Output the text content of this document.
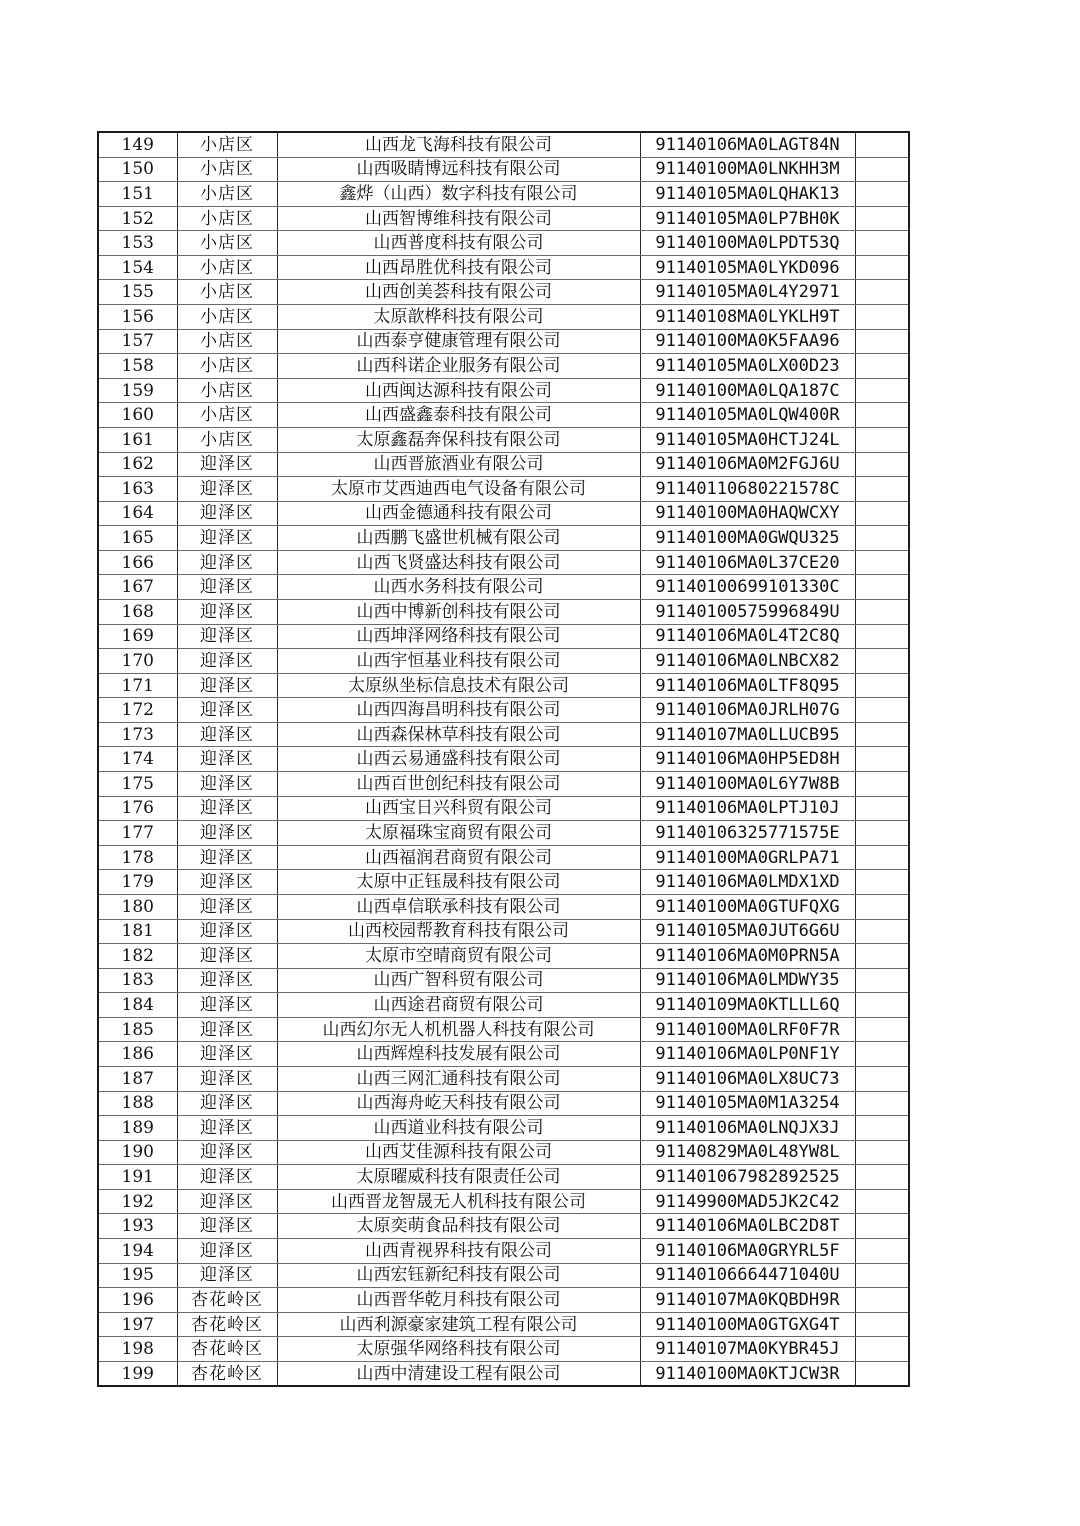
149	小店区	山西龙飞海科技有限公司	91140106MA0LAGT84N	
150	小店区	山西吸睛博远科技有限公司	91140100MA0LNKHH3M	
151	小店区	鑫烨（山西）数字科技有限公司	91140105MA0LQHAK13	
152	小店区	山西智博维科技有限公司	91140105MA0LP7BH0K	
153	小店区	山西普度科技有限公司	91140100MA0LPDT53Q	
154	小店区	山西昂胜优科技有限公司	91140105MA0LYKD096	
155	小店区	山西创美荟科技有限公司	91140105MA0L4Y2971	
156	小店区	太原歆桦科技有限公司	91140108MA0LYKLH9T	
157	小店区	山西泰亨健康管理有限公司	91140100MA0K5FAA96	
158	小店区	山西科诺企业服务有限公司	91140105MA0LX00D23	
159	小店区	山西闽达源科技有限公司	91140100MA0LQA187C	
160	小店区	山西盛鑫泰科技有限公司	91140105MA0LQW400R	
161	小店区	太原鑫磊奔保科技有限公司	91140105MA0HCTJ24L	
162	迎泽区	山西晋旅酒业有限公司	91140106MA0M2FGJ6U	
163	迎泽区	太原市艾西迪西电气设备有限公司	91140110680221578C	
164	迎泽区	山西金德通科技有限公司	91140100MA0HAQWCXY	
165	迎泽区	山西鹏飞盛世机械有限公司	91140100MA0GWQU325	
166	迎泽区	山西飞贤盛达科技有限公司	91140106MA0L37CE20	
167	迎泽区	山西水务科技有限公司	91140100699101330C	
168	迎泽区	山西中博新创科技有限公司	91140100575996849U	
169	迎泽区	山西坤泽网络科技有限公司	91140106MA0L4T2C8Q	
170	迎泽区	山西宇恒基业科技有限公司	91140106MA0LNBCX82	
171	迎泽区	太原纵坐标信息技术有限公司	91140106MA0LTF8Q95	
172	迎泽区	山西四海昌明科技有限公司	91140106MA0JRLH07G	
173	迎泽区	山西森保林草科技有限公司	91140107MA0LLUCB95	
174	迎泽区	山西云易通盛科技有限公司	91140106MA0HP5ED8H	
175	迎泽区	山西百世创纪科技有限公司	91140100MA0L6Y7W8B	
176	迎泽区	山西宝日兴科贸有限公司	91140106MA0LPTJ10J	
177	迎泽区	太原福珠宝商贸有限公司	91140106325771575E	
178	迎泽区	山西福润君商贸有限公司	91140100MA0GRLPA71	
179	迎泽区	太原中正钰晟科技有限公司	91140106MA0LMDX1XD	
180	迎泽区	山西卓信联承科技有限公司	91140100MA0GTUFQXG	
181	迎泽区	山西校园帮教育科技有限公司	91140105MA0JUT6G6U	
182	迎泽区	太原市空晴商贸有限公司	91140106MA0M0PRN5A	
183	迎泽区	山西广智科贸有限公司	91140106MA0LMDWY35	
184	迎泽区	山西途君商贸有限公司	91140109MA0KTLLL6Q	
185	迎泽区	山西幻尔无人机机器人科技有限公司	91140100MA0LRF0F7R	
186	迎泽区	山西辉煌科技发展有限公司	91140106MA0LP0NF1Y	
187	迎泽区	山西三网汇通科技有限公司	91140106MA0LX8UC73	
188	迎泽区	山西海舟屹天科技有限公司	91140105MA0M1A3254	
189	迎泽区	山西道业科技有限公司	91140106MA0LNQJX3J	
190	迎泽区	山西艾佳源科技有限公司	91140829MA0L48YW8L	
191	迎泽区	太原曜威科技有限责任公司	911401067982892525	
192	迎泽区	山西晋龙智晟无人机科技有限公司	91149900MAD5JK2C42	
193	迎泽区	太原奕萌食品科技有限公司	91140106MA0LBC2D8T	
194	迎泽区	山西青视界科技有限公司	91140106MA0GRYRL5F	
195	迎泽区	山西宏钰新纪科技有限公司	91140106664471040U	
196	杏花岭区	山西晋华乾月科技有限公司	91140107MA0KQBDH9R	
197	杏花岭区	山西利源豪家建筑工程有限公司	91140100MA0GTGXG4T	
198	杏花岭区	太原强华网络科技有限公司	91140107MA0KYBR45J	
199	杏花岭区	山西中清建设工程有限公司	91140100MA0KTJCW3R	
